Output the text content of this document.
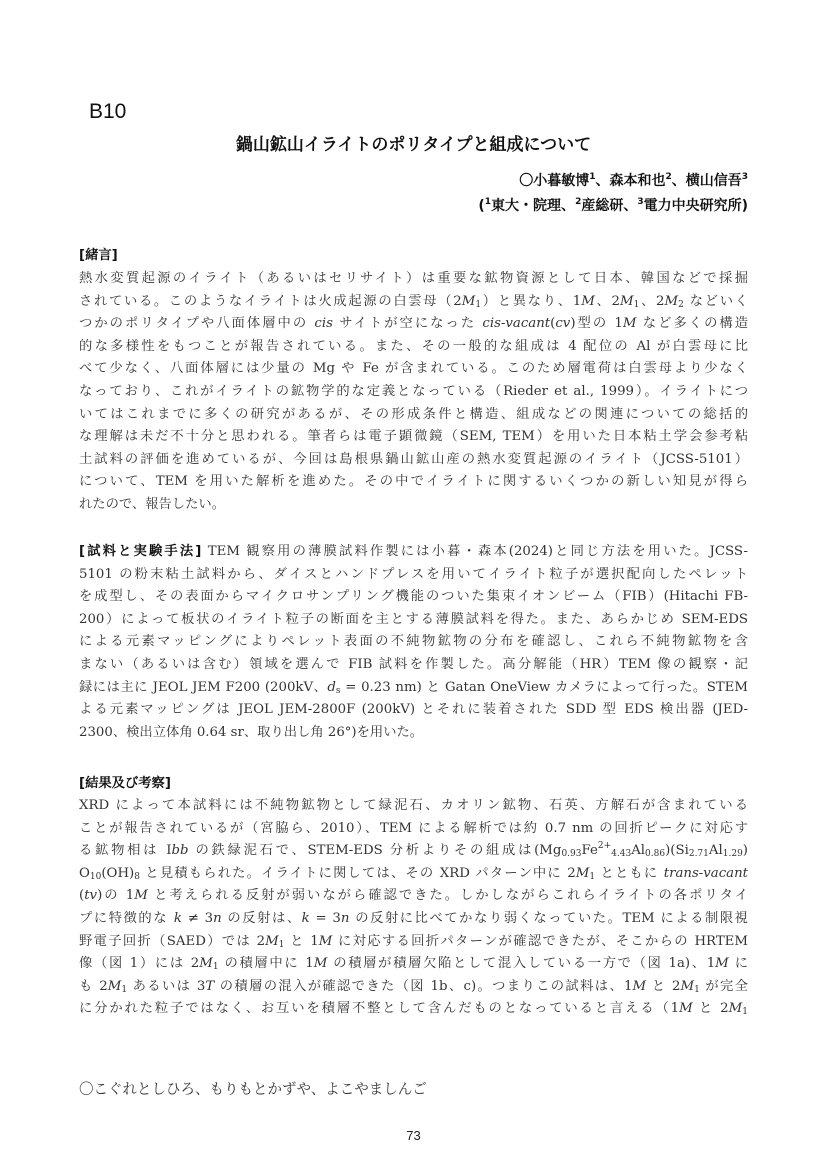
B10
鍋山鉱山イライトのポリタイプと組成について
〇小暮敏博$^1$、森本和也$^2$、横山信吾$^3$
($^1$東大・院理、$^2$産総研、$^3$電力中央研究所)
[緒言]
熱水変質起源のイライト（あるいはセリサイト）は重要な鉱物資源として日本、韓国などで採掘
されている。このようなイライトは火成起源の白雲母$(2M_1)$と異なり、1M、$2M_1$、$2M_2$ などいく
つかのポリタイプや八面体層中の cis サイトが空になった cis-vacant(cv)型の 1M など多くの構造
的な多様性をもつことが報告されている。また、その一般的な組成は 4 配位の Al が白雲母に比
べて少なく、八面体層には少量の Mg や Fe が含まれている。このため層電荷は白雲母より少なく
なっており、これがイライトの鉱物学的な定義となっている（Rieder et al., 1999）。イライトにつ
いてはこれまでに多くの研究があるが、その形成条件と構造、組成などの関連についての総括的
な理解は未だ不十分と思われる。筆者らは電子顕微鏡（SEM, TEM）を用いた日本粘土学会参考粘
土試料の評価を進めているが、今回は島根県鍋山鉱山産の熱水変質起源のイライト（JCSS-5101）
について、TEM を用いた解析を進めた。その中でイライトに関するいくつかの新しい知見が得ら
れたので、報告したい。
[試料と実験手法] TEM 観察用の薄膜試料作製には小暮・森本(2024)と同じ方法を用いた。JCSS-
5101 の粉末粘土試料から、ダイスとハンドプレスを用いてイライト粒子が選択配向したペレット
を成型し、その表面からマイクロサンプリング機能のついた集束イオンビーム（FIB）(Hitachi FB-
200）によって板状のイライト粒子の断面を主とする薄膜試料を得た。また、あらかじめ SEM-EDS
による元素マッピングによりペレット表面の不純物鉱物の分布を確認し、これら不純物鉱物を含
まない（あるいは含む）領域を選んで FIB 試料を作製した。高分解能（HR）TEM 像の観察・記
録には主に JEOL JEM F200 (200kV、$d_s = 0.23$ nm) と Gatan OneView カメラによって行った。STEM
よる元素マッピングは JEOL JEM-2800F (200kV) とそれに装着された SDD 型 EDS 検出器 (JED-
2300、検出立体角 0.64 sr、取り出し角 26°)を用いた。
[結果及び考察]
XRD によって本試料には不純物鉱物として緑泥石、カオリン鉱物、石英、方解石が含まれている
ことが報告されているが（宮脇ら、2010）、TEM による解析では約 0.7 nm の回折ピークに対応す
る鉱物相は Ibb の鉄緑泥石で、STEM-EDS 分析よりその組成は$(Mg_{0.93}Fe^{2+}_{4.43}Al_{0.86})(Si_{2.71}Al_{1.29})$
$O_{10}(OH)_8$ と見積もられた。イライトに関しては、その XRD パターン中に $2M_1$ とともに trans-vacant
(tv)の 1M と考えられる反射が弱いながら確認できた。しかしながらこれらイライトの各ポリタイ
プに特徴的な k ≠ 3n の反射は、k = 3n の反射に比べてかなり弱くなっていた。TEM による制限視
野電子回折（SAED）では $2M_1$ と 1M に対応する回折パターンが確認できたが、そこからの HRTEM
像（図 1）には $2M_1$ の積層中に 1M の積層が積層欠陥として混入している一方で（図 1a)、1M に
も $2M_1$ あるいは 3T の積層の混入が確認できた（図 1b、c)。つまりこの試料は、1M と $2M_1$ が完全
に分かれた粒子ではなく、お互いを積層不整として含んだものとなっていると言える（1M と $2M_1$
〇こぐれとしひろ、もりもとかずや、よこやましんご
73
